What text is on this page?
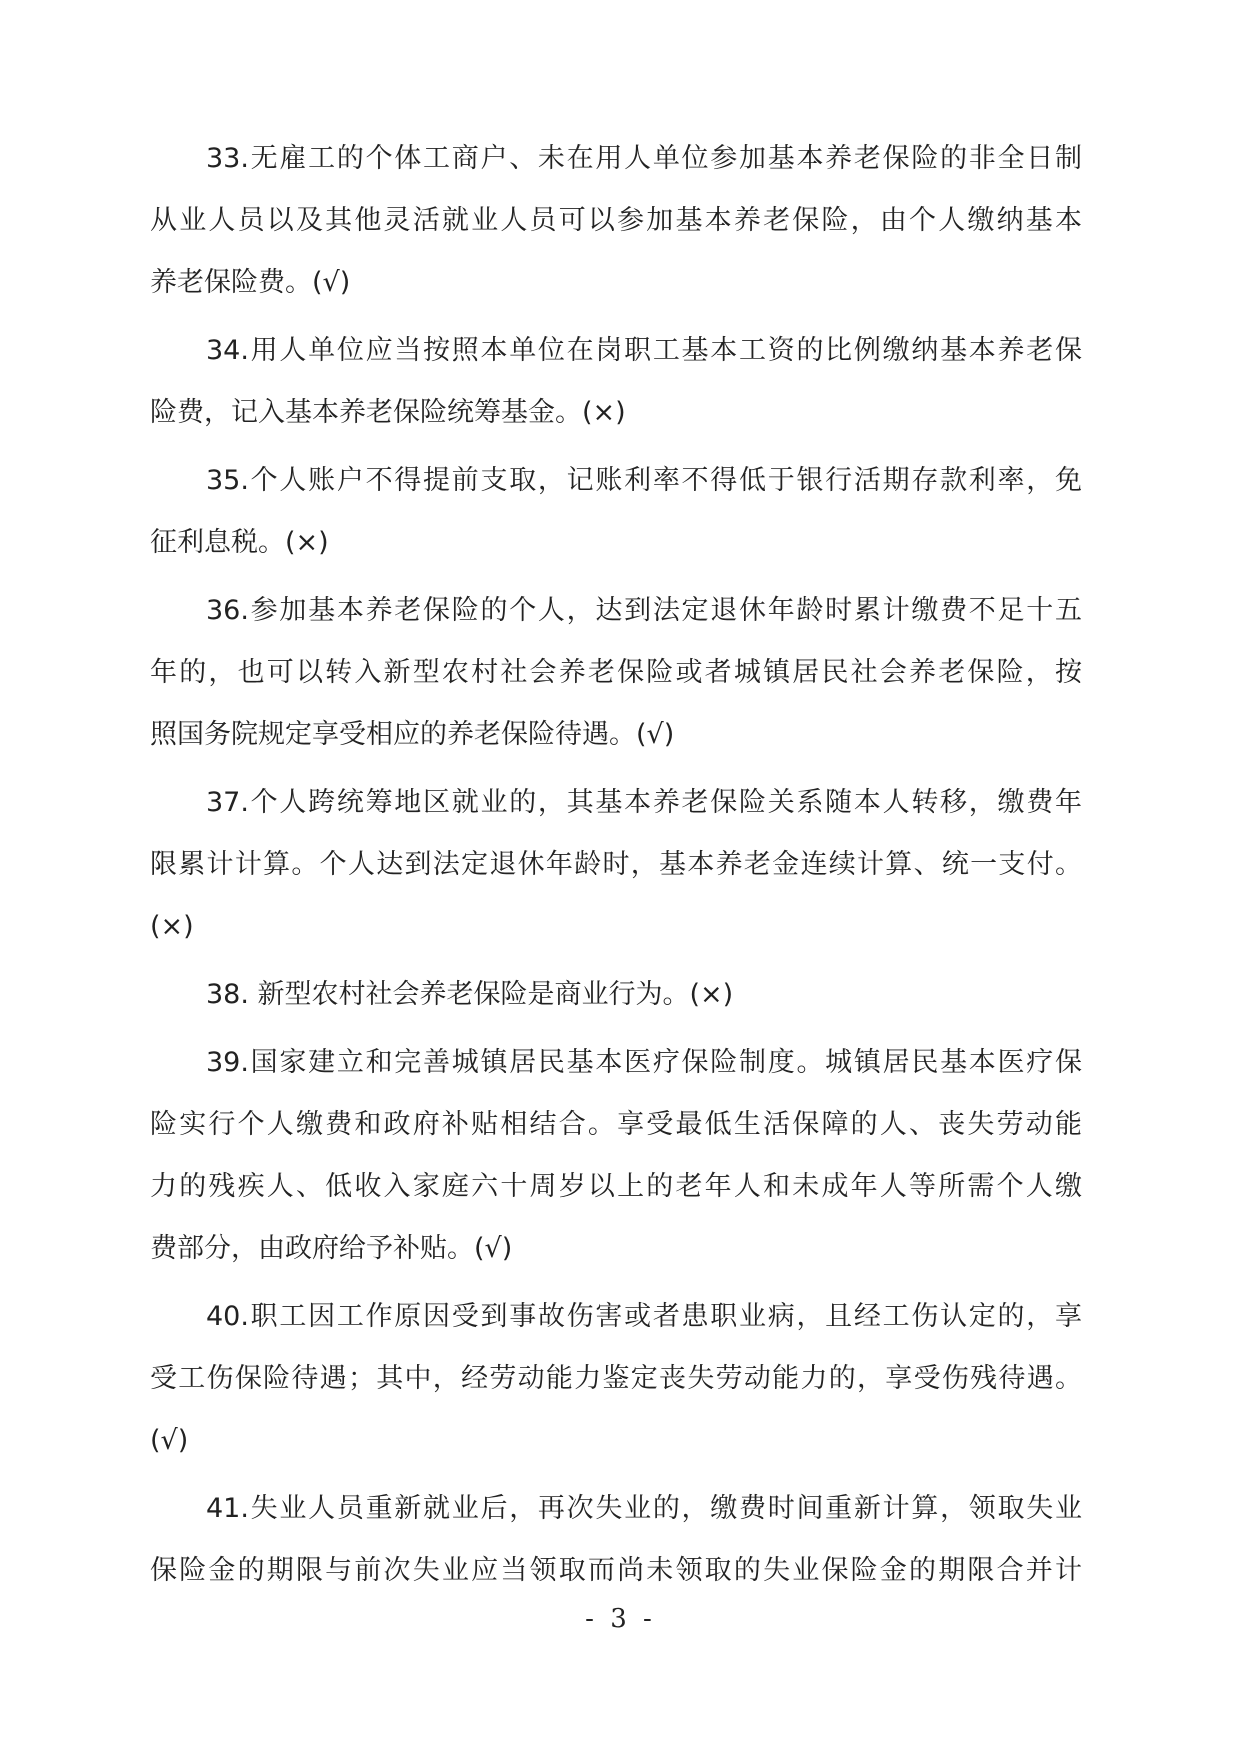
33.无雇工的个体工商户、未在用人单位参加基本养老保险的非全日制
从业人员以及其他灵活就业人员可以参加基本养老保险，由个人缴纳基本
养老保险费。(√)
34.用人单位应当按照本单位在岗职工基本工资的比例缴纳基本养老保
险费，记入基本养老保险统筹基金。(×)
35.个人账户不得提前支取，记账利率不得低于银行活期存款利率，免
征利息税。(×)
36.参加基本养老保险的个人，达到法定退休年龄时累计缴费不足十五
年的，也可以转入新型农村社会养老保险或者城镇居民社会养老保险，按
照国务院规定享受相应的养老保险待遇。(√)
37.个人跨统筹地区就业的，其基本养老保险关系随本人转移，缴费年
限累计计算。个人达到法定退休年龄时，基本养老金连续计算、统一支付。
(×)
38. 新型农村社会养老保险是商业行为。(×)
39.国家建立和完善城镇居民基本医疗保险制度。城镇居民基本医疗保
险实行个人缴费和政府补贴相结合。享受最低生活保障的人、丧失劳动能
力的残疾人、低收入家庭六十周岁以上的老年人和未成年人等所需个人缴
费部分，由政府给予补贴。(√)
40.职工因工作原因受到事故伤害或者患职业病，且经工伤认定的，享
受工伤保险待遇；其中，经劳动能力鉴定丧失劳动能力的，享受伤残待遇。
(√)
41.失业人员重新就业后，再次失业的，缴费时间重新计算，领取失业
保险金的期限与前次失业应当领取而尚未领取的失业保险金的期限合并计
- 3 -
